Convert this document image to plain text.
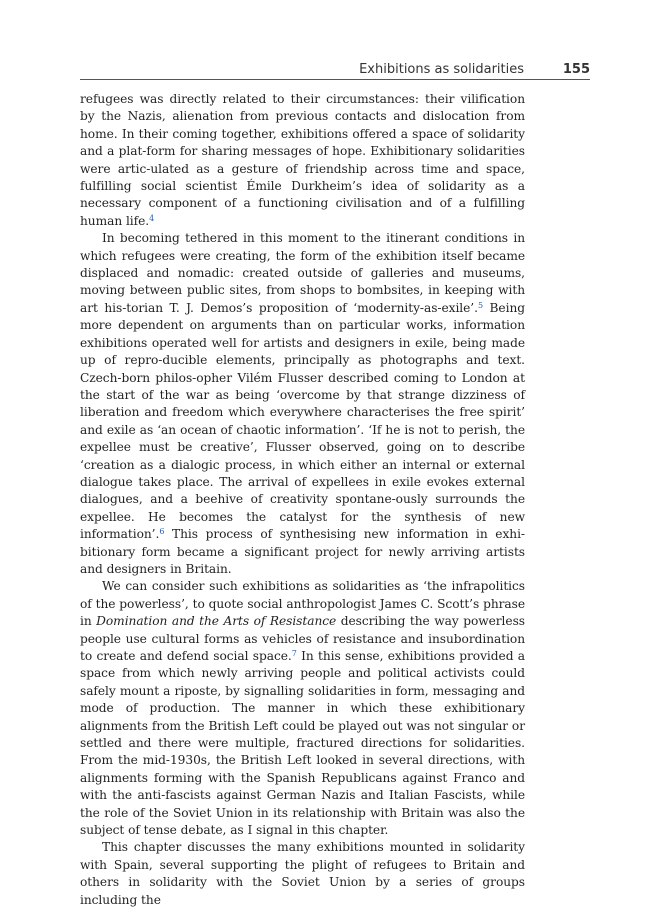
Exhibitions as solidarities	155

refugees was directly related to their circumstances: their vilification by the Nazis, alienation from previous contacts and dislocation from home. In their coming together, exhibitions offered a space of solidarity and a plat-form for sharing messages of hope. Exhibitionary solidarities were artic-ulated as a gesture of friendship across time and space, fulfilling social scientist Émile Durkheim’s idea of solidarity as a necessary component of a functioning civilisation and of a fulfilling human life.$^4$

In becoming tethered in this moment to the itinerant conditions in which refugees were creating, the form of the exhibition itself became displaced and nomadic: created outside of galleries and museums, moving between public sites, from shops to bombsites, in keeping with art his-torian T. J. Demos’s proposition of ‘modernity-as-exile’.$^5$ Being more dependent on arguments than on particular works, information exhibitions operated well for artists and designers in exile, being made up of repro-ducible elements, principally as photographs and text. Czech-born philos-opher Vilém Flusser described coming to London at the start of the war as being ‘overcome by that strange dizziness of liberation and freedom which everywhere characterises the free spirit’ and exile as ‘an ocean of chaotic information’. ‘If he is not to perish, the expellee must be creative’, Flusser observed, going on to describe ‘creation as a dialogic process, in which either an internal or external dialogue takes place. The arrival of expellees in exile evokes external dialogues, and a beehive of creativity spontane-ously surrounds the expellee. He becomes the catalyst for the synthesis of new information’.$^6$ This process of synthesising new information in exhi-bitionary form became a significant project for newly arriving artists and designers in Britain.

We can consider such exhibitions as solidarities as ‘the infrapolitics of the powerless’, to quote social anthropologist James C. Scott’s phrase in Domination and the Arts of Resistance describing the way powerless people use cultural forms as vehicles of resistance and insubordination to create and defend social space.$^7$ In this sense, exhibitions provided a space from which newly arriving people and political activists could safely mount a riposte, by signalling solidarities in form, messaging and mode of production. The manner in which these exhibitionary alignments from the British Left could be played out was not singular or settled and there were multiple, fractured directions for solidarities. From the mid-1930s, the British Left looked in several directions, with alignments forming with the Spanish Republicans against Franco and with the anti-fascists against German Nazis and Italian Fascists, while the role of the Soviet Union in its relationship with Britain was also the subject of tense debate, as I signal in this chapter.

This chapter discusses the many exhibitions mounted in solidarity with Spain, several supporting the plight of refugees to Britain and others in solidarity with the Soviet Union by a series of groups including the
